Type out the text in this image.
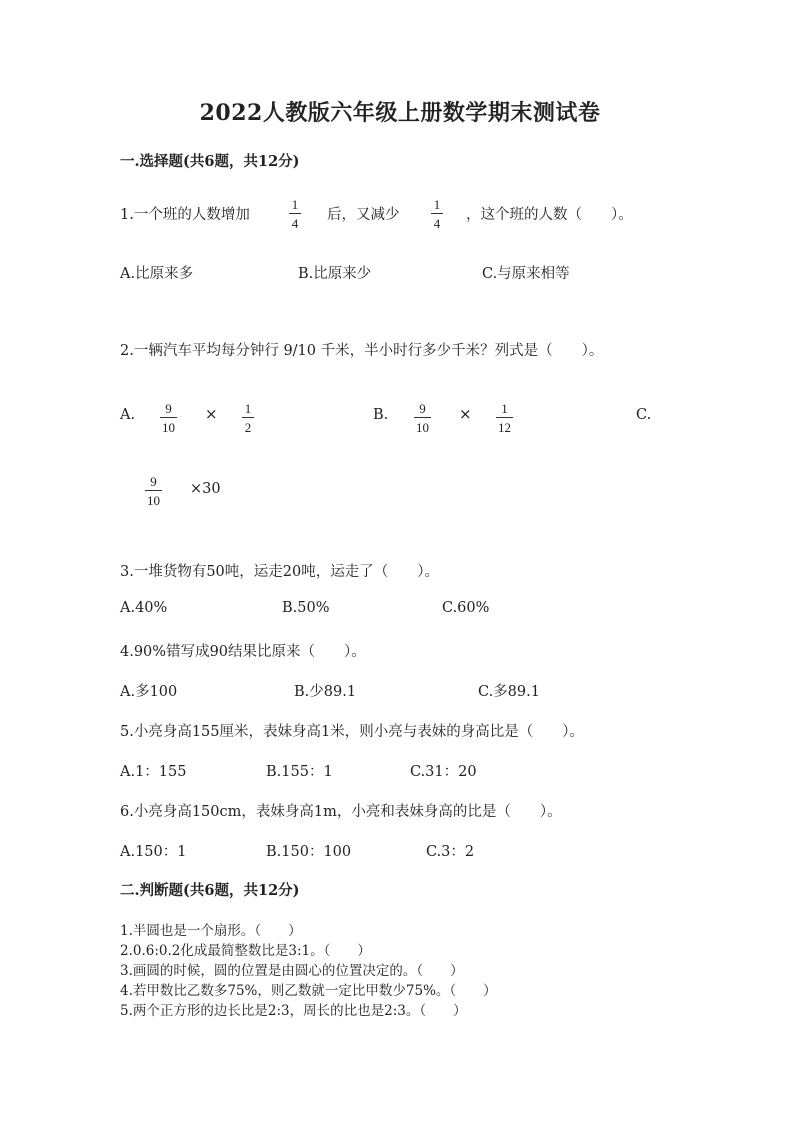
2022人教版六年级上册数学期末测试卷
一.选择题(共6题，共12分)
1.一个班的人数增加
1
4
后，又减少
1
4
，这个班的人数（　　）。
A.比原来多	B.比原来少	C.与原来相等
2.一辆汽车平均每分钟行 9/10 千米，半小时行多少千米？列式是（　　）。
A. 9
10
× 1
2
B. 9
10
× 1
12
C.
9
10
×30
3.一堆货物有50吨，运走20吨，运走了（　　）。
A.40%	B.50%	C.60%
4.90%错写成90结果比原来（　　）。
A.多100	B.少89.1	C.多89.1
5.小亮身高155厘米，表妹身高1米，则小亮与表妹的身高比是（　　）。
A.1：155	B.155：1	C.31：20
6.小亮身高150cm，表妹身高1m，小亮和表妹身高的比是（　　）。
A.150：1	B.150：100	C.3：2
二.判断题(共6题，共12分)
1.半圆也是一个扇形。（　　）
2.0.6:0.2化成最简整数比是3:1。（　　）
3.画圆的时候，圆的位置是由圆心的位置决定的。（　　）
4.若甲数比乙数多75%，则乙数就一定比甲数少75%。（　　）
5.两个正方形的边长比是2:3，周长的比也是2:3。（　　）
